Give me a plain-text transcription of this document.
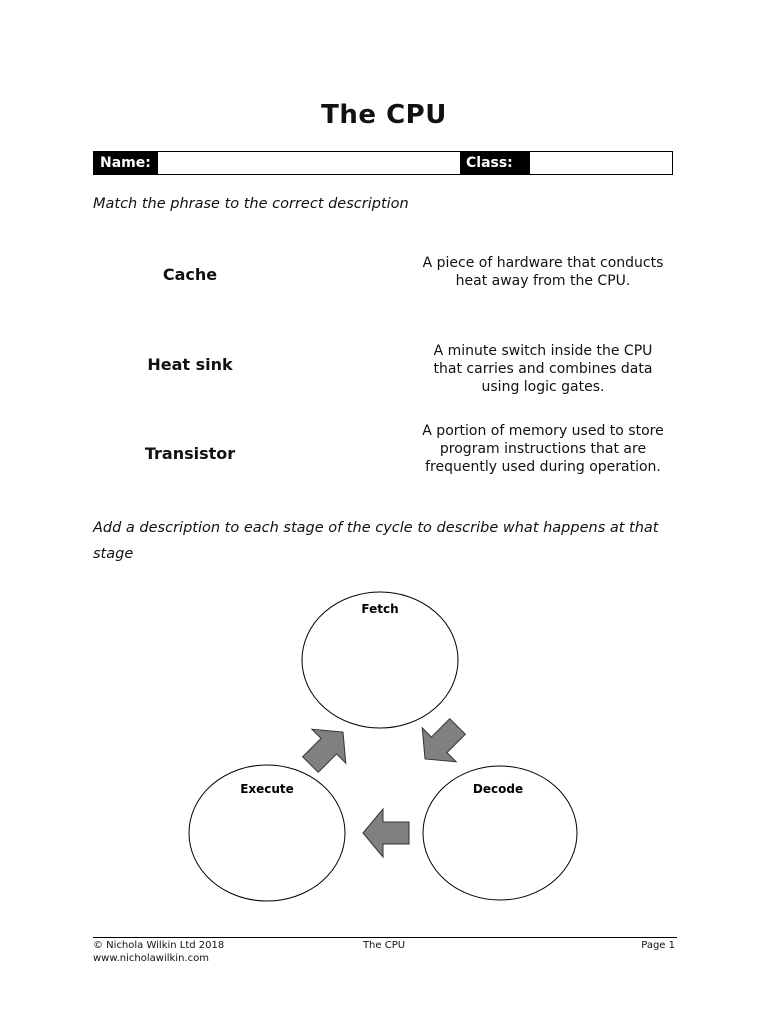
The CPU
Name:	Class:
Match the phrase to the correct description
Cache
Heat sink
Transistor
A piece of hardware that conducts heat away from the CPU.
A minute switch inside the CPU that carries and combines data using logic gates.
A portion of memory used to store program instructions that are frequently used during operation.
Add a description to each stage of the cycle to describe what happens at that stage
Fetch
Decode
Execute
© Nichola Wilkin Ltd 2018
www.nicholawilkin.com
The CPU	Page 1
